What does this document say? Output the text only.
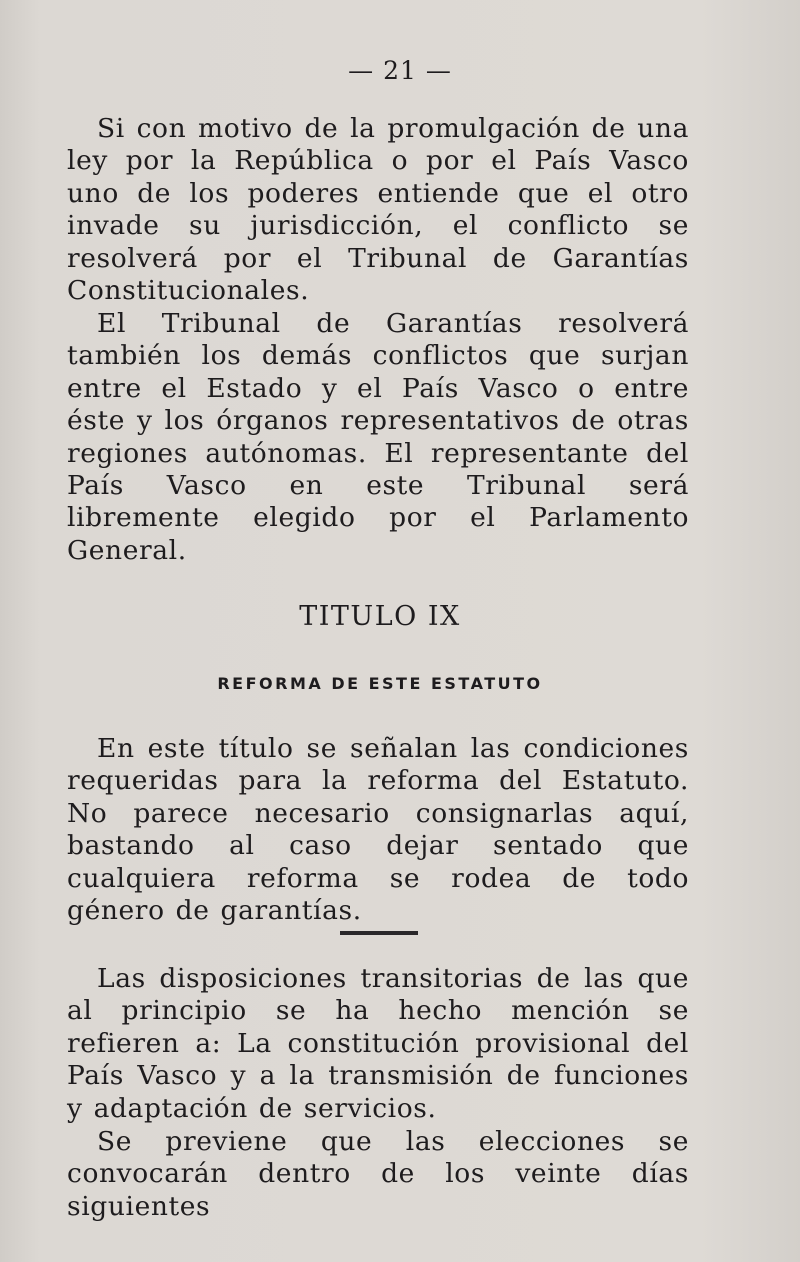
— 21 —

Si con motivo de la promulgación de una ley por la República o por el País Vasco uno de los poderes entiende que el otro invade su jurisdicción, el conflicto se resolverá por el Tribunal de Garantías Constitucionales.

El Tribunal de Garantías resolverá también los demás conflictos que surjan entre el Estado y el País Vasco o entre éste y los órganos representativos de otras regiones autónomas. El representante del País Vasco en este Tribunal será libremente elegido por el Parlamento General.

TITULO IX
REFORMA DE ESTE ESTATUTO

En este título se señalan las condiciones requeridas para la reforma del Estatuto. No parece necesario consignarlas aquí, bastando al caso dejar sentado que cualquiera reforma se rodea de todo género de garantías.

Las disposiciones transitorias de las que al principio se ha hecho mención se refieren a: La constitución provisional del País Vasco y a la transmisión de funciones y adaptación de servicios.

Se previene que las elecciones se convocarán dentro de los veinte días siguientes
